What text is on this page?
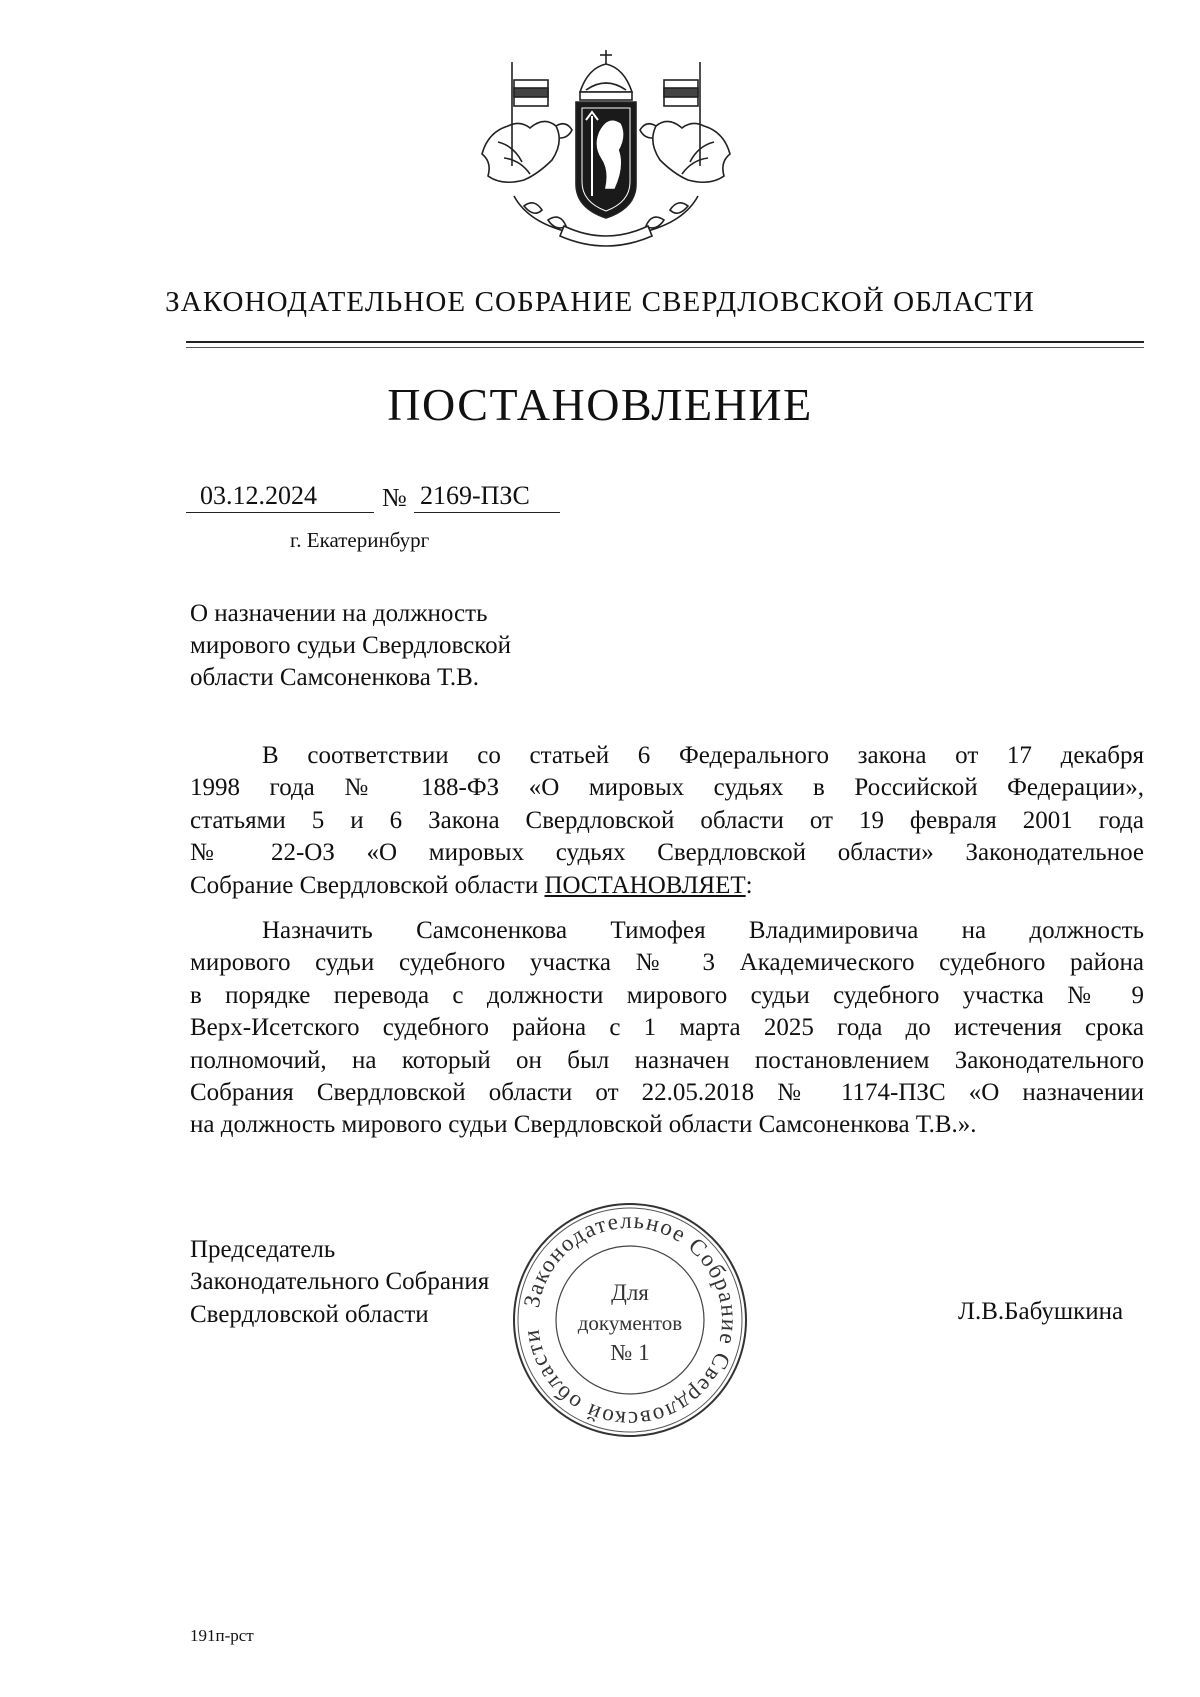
ЗАКОНОДАТЕЛЬНОЕ СОБРАНИЕ СВЕРДЛОВСКОЙ ОБЛАСТИ
ПОСТАНОВЛЕНИЕ
03.12.2024	№ 2169-ПЗС
г. Екатеринбург
О назначении на должность
мирового судьи Свердловской
области Самсоненкова Т.В.
В соответствии со статьей 6 Федерального закона от 17 декабря
1998 года № 188-ФЗ «О мировых судьях в Российской Федерации»,
статьями 5 и 6 Закона Свердловской области от 19 февраля 2001 года
№ 22-ОЗ «О мировых судьях Свердловской области» Законодательное
Собрание Свердловской области ПОСТАНОВЛЯЕТ:
Назначить Самсоненкова Тимофея Владимировича на должность
мирового судьи судебного участка № 3 Академического судебного района
в порядке перевода с должности мирового судьи судебного участка № 9
Верх-Исетского судебного района с 1 марта 2025 года до истечения срока
полномочий, на который он был назначен постановлением Законодательного
Собрания Свердловской области от 22.05.2018 № 1174-ПЗС «О назначении
на должность мирового судьи Свердловской области Самсоненкова Т.В.».
Председатель
Законодательного Собрания
Свердловской области	Л.В.Бабушкина
Законодательное Собрание Свердловской области
Для
документов
№ 1
191п-рст
